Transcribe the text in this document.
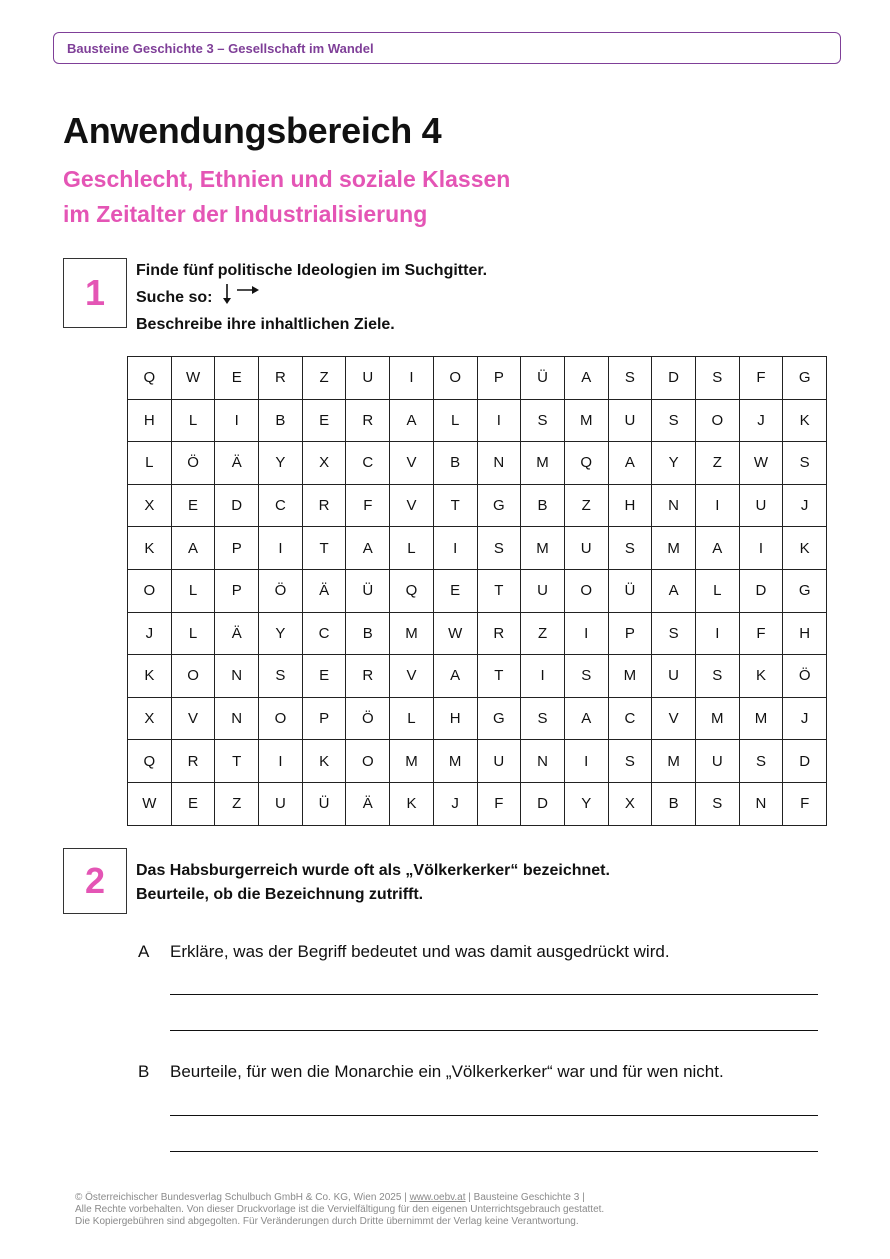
Bausteine Geschichte 3 – Gesellschaft im Wandel
Anwendungsbereich 4
Geschlecht, Ethnien und soziale Klassen
im Zeitalter der Industrialisierung
1
Finde fünf politische Ideologien im Suchgitter.
Suche so:
Beschreibe ihre inhaltlichen Ziele.
Q	W	E	R	Z	U	I	O	P	Ü	A	S	D	S	F	G
H	L	I	B	E	R	A	L	I	S	M	U	S	O	J	K
L	Ö	Ä	Y	X	C	V	B	N	M	Q	A	Y	Z	W	S
X	E	D	C	R	F	V	T	G	B	Z	H	N	I	U	J
K	A	P	I	T	A	L	I	S	M	U	S	M	A	I	K
O	L	P	Ö	Ä	Ü	Q	E	T	U	O	Ü	A	L	D	G
J	L	Ä	Y	C	B	M	W	R	Z	I	P	S	I	F	H
K	O	N	S	E	R	V	A	T	I	S	M	U	S	K	Ö
X	V	N	O	P	Ö	L	H	G	S	A	C	V	M	M	J
Q	R	T	I	K	O	M	M	U	N	I	S	M	U	S	D
W	E	Z	U	Ü	Ä	K	J	F	D	Y	X	B	S	N	F
2	Das Habsburgerreich wurde oft als „Völkerkerker“ bezeichnet.
Beurteile, ob die Bezeichnung zutrifft.
A Erkläre, was der Begriff bedeutet und was damit ausgedrückt wird.
B Beurteile, für wen die Monarchie ein „Völkerkerker“ war und für wen nicht.
© Österreichischer Bundesverlag Schulbuch GmbH & Co. KG, Wien 2025 | www.oebv.at | Bausteine Geschichte 3 |
Alle Rechte vorbehalten. Von dieser Druckvorlage ist die Vervielfältigung für den eigenen Unterrichtsgebrauch gestattet.
Die Kopiergebühren sind abgegolten. Für Veränderungen durch Dritte übernimmt der Verlag keine Verantwortung.
